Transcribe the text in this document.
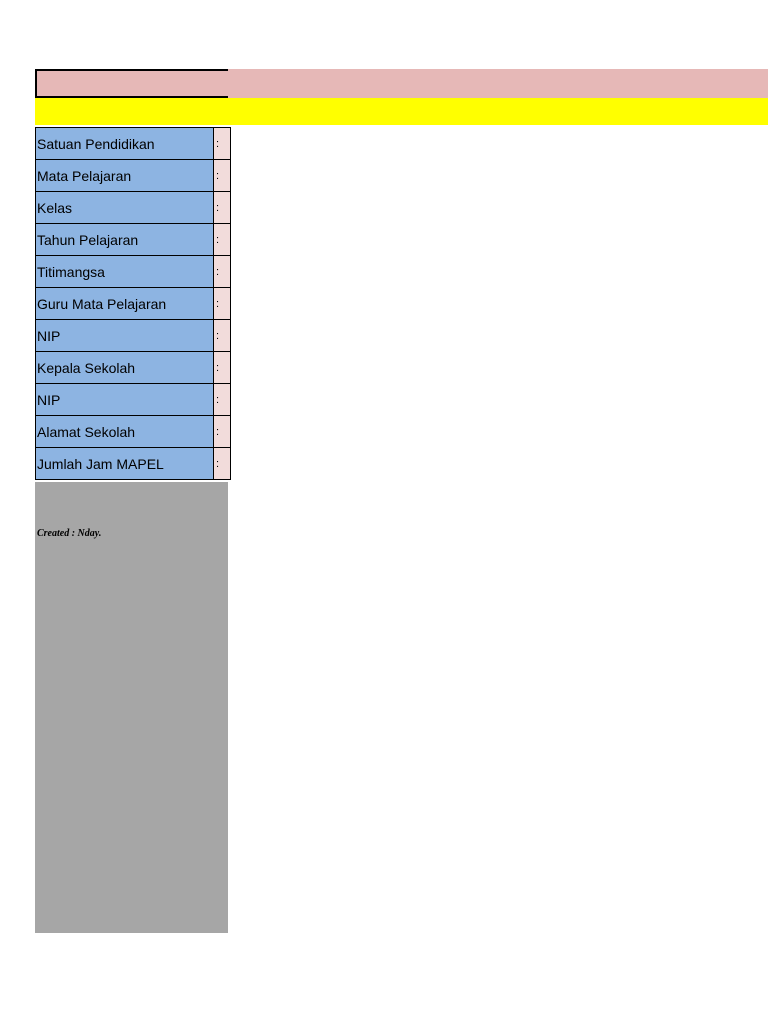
Satuan Pendidikan	:
Mata Pelajaran	:
Kelas	:
Tahun Pelajaran	:
Titimangsa	:
Guru Mata Pelajaran	:
NIP	:
Kepala Sekolah	:
NIP	:
Alamat Sekolah	:
Jumlah Jam MAPEL	:
Created : Nday.
